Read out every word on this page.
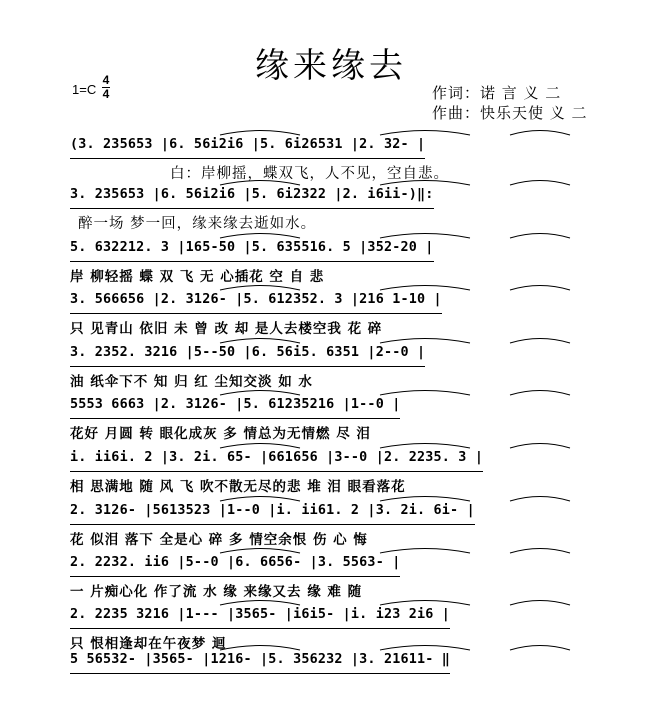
缘来缘去
1=C
4
4	作词：诺 言 义 二
作曲：快乐天使 义 二
(3. 235653 |6. 56i2i6 |5. 6i26531 |2. 32- |
白：岸柳摇，蝶双飞，人不见，空自悲。
3. 235653 |6. 56i2i6 |5. 6i2322 |2. i6ii-)‖:
醉一场 梦一回，缘来缘去逝如水。
5. 632212. 3 |165-50 |5. 635516. 5 |352-20 |
岸 柳轻摇 蝶 双 飞 无 心插花 空 自 悲
3. 566656 |2. 3126- |5. 612352. 3 |216 1-10 |
只 见青山 依旧 未 曾 改 却 是人去楼空我 花 碎
3. 2352. 3216 |5--50 |6. 56i5. 6351 |2--0 |
油 纸伞下不 知 归 红 尘知交淡 如 水
5553 6663 |2. 3126- |5. 61235216 |1--0 |
花好 月圆 转 眼化成灰 多 情总为无情燃 尽 泪
i. ii6i. 2 |3. 2i. 65- |661656 |3--0 |2. 2235. 3 |
相 思满地 随 风 飞 吹不散无尽的悲 堆 泪 眼看落花
2. 3126- |5613523 |1--0 |i. ii61. 2 |3. 2i. 6i- |
花 似泪 落下 全是心 碎 多 情空余恨 伤 心 悔
2. 2232. ii6 |5--0 |6. 6656- |3. 5563- |
一 片痴心化 作了流 水 缘 来缘又去 缘 难 随
2. 2235 3216 |1--- |3565- |i6i5- |i. i23 2i6 |
只 恨相逢却在午夜梦 迴
5 56532- |3565- |1216- |5. 356232 |3. 21611- ‖
